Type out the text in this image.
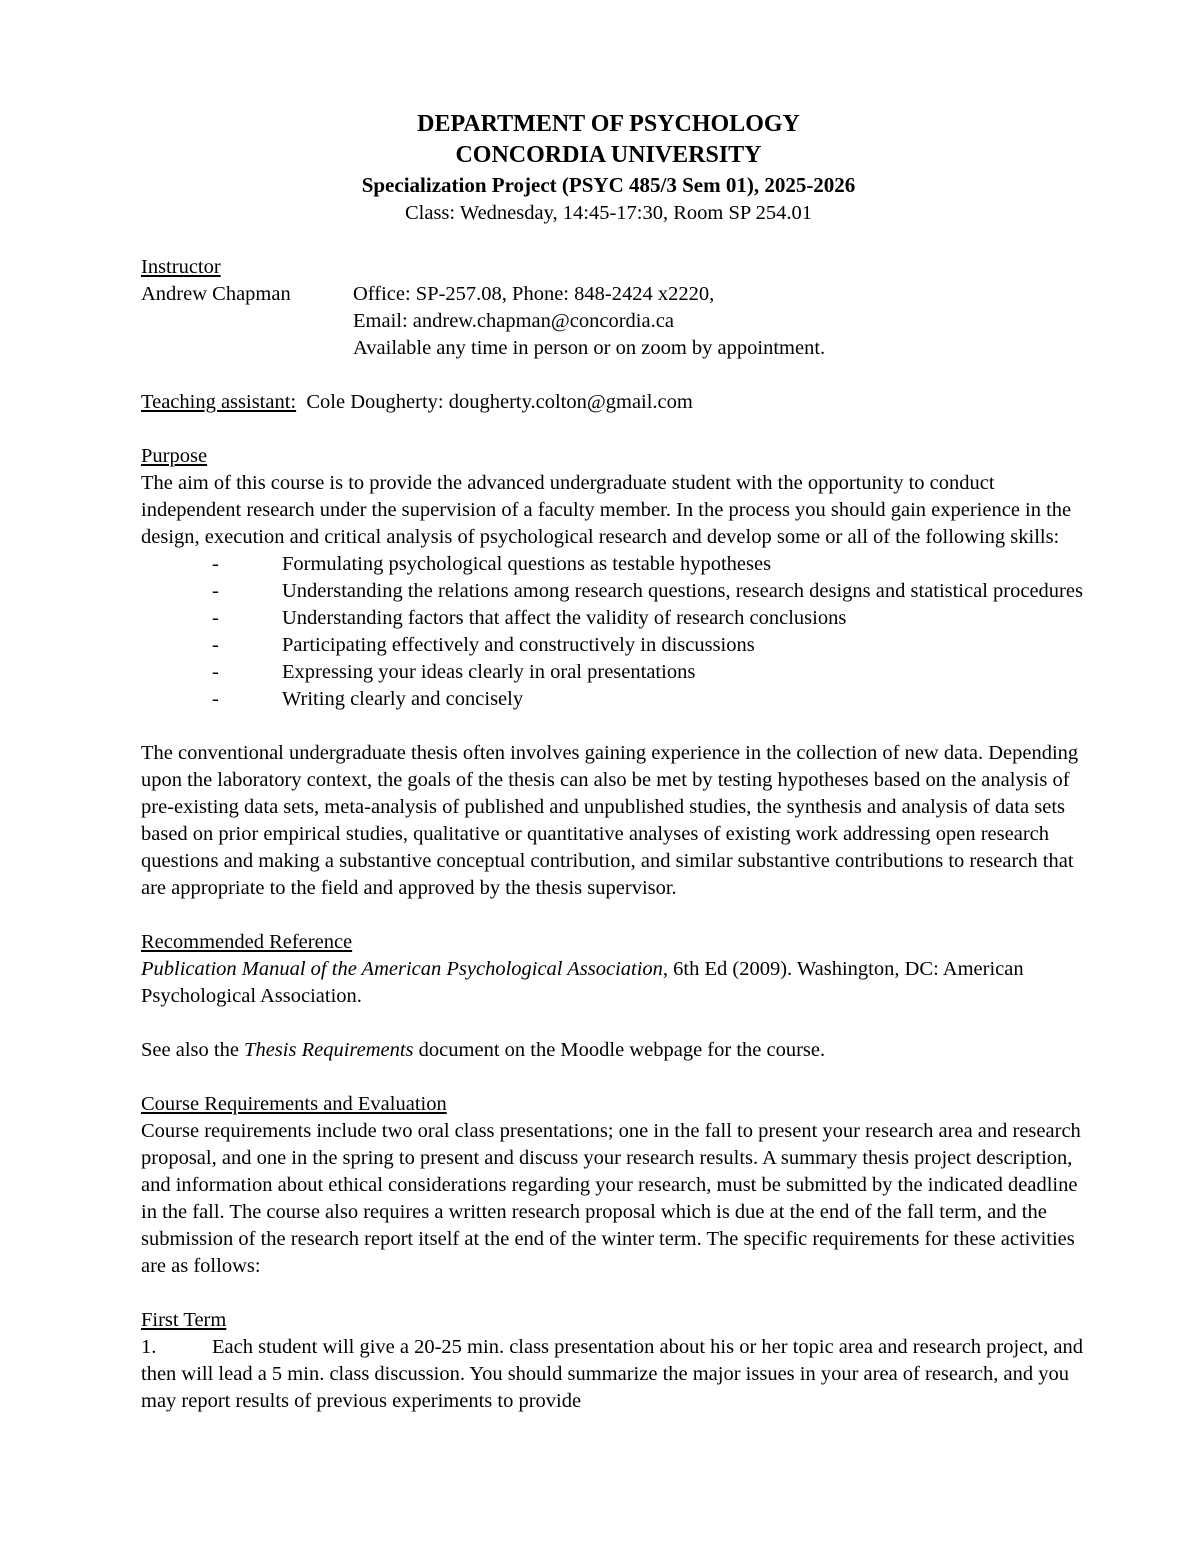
DEPARTMENT OF PSYCHOLOGY
CONCORDIA UNIVERSITY
Specialization Project (PSYC 485/3 Sem 01), 2025-2026
Class: Wednesday, 14:45-17:30, Room SP 254.01
Instructor
Andrew Chapman	Office: SP-257.08, Phone: 848-2424 x2220,
Email: andrew.chapman@concordia.ca
Available any time in person or on zoom by appointment.
Teaching assistant: Cole Dougherty: dougherty.colton@gmail.com
Purpose

The aim of this course is to provide the advanced undergraduate student with the opportunity to conduct independent research under the supervision of a faculty member. In the process you should gain experience in the design, execution and critical analysis of psychological research and develop some or all of the following skills:

- Formulating psychological questions as testable hypotheses
- Understanding the relations among research questions, research designs and statistical procedures
- Understanding factors that affect the validity of research conclusions
- Participating effectively and constructively in discussions
- Expressing your ideas clearly in oral presentations
- Writing clearly and concisely

The conventional undergraduate thesis often involves gaining experience in the collection of new data. Depending upon the laboratory context, the goals of the thesis can also be met by testing hypotheses based on the analysis of pre-existing data sets, meta-analysis of published and unpublished studies, the synthesis and analysis of data sets based on prior empirical studies, qualitative or quantitative analyses of existing work addressing open research questions and making a substantive conceptual contribution, and similar substantive contributions to research that are appropriate to the field and approved by the thesis supervisor.

Recommended Reference

Publication Manual of the American Psychological Association, 6th Ed (2009). Washington, DC: American Psychological Association.

See also the Thesis Requirements document on the Moodle webpage for the course.

Course Requirements and Evaluation

Course requirements include two oral class presentations; one in the fall to present your research area and research proposal, and one in the spring to present and discuss your research results. A summary thesis project description, and information about ethical considerations regarding your research, must be submitted by the indicated deadline in the fall. The course also requires a written research proposal which is due at the end of the fall term, and the submission of the research report itself at the end of the winter term. The specific requirements for these activities are as follows:

First Term

1.	Each student will give a 20-25 min. class presentation about his or her topic area and research project, and then will lead a 5 min. class discussion. You should summarize the major issues in your area of research, and you may report results of previous experiments to provide
